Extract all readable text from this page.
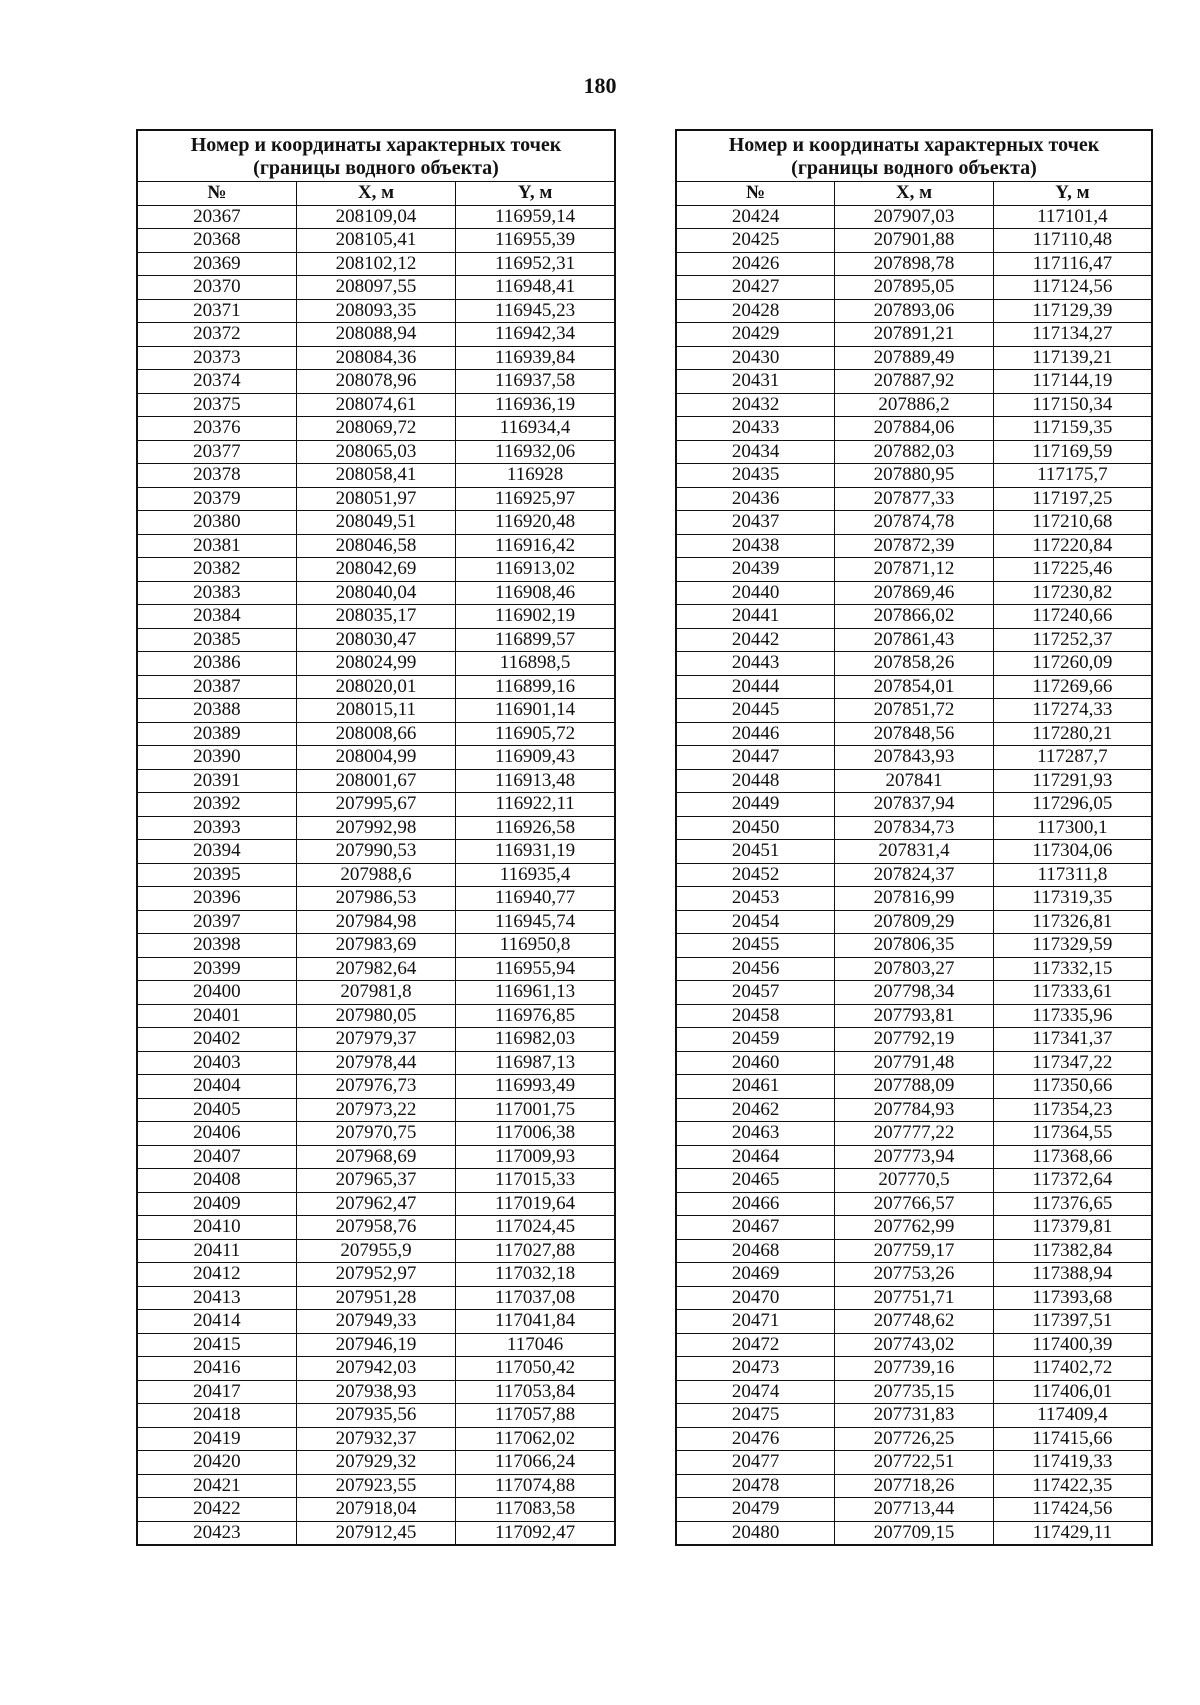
180
Номер и координаты характерных точек
(границы водного объекта)		

№	X, м	Y, м
20367	208109,04	116959,14
20368	208105,41	116955,39
20369	208102,12	116952,31
20370	208097,55	116948,41
20371	208093,35	116945,23
20372	208088,94	116942,34
20373	208084,36	116939,84
20374	208078,96	116937,58
20375	208074,61	116936,19
20376	208069,72	116934,4
20377	208065,03	116932,06
20378	208058,41	116928
20379	208051,97	116925,97
20380	208049,51	116920,48
20381	208046,58	116916,42
20382	208042,69	116913,02
20383	208040,04	116908,46
20384	208035,17	116902,19
20385	208030,47	116899,57
20386	208024,99	116898,5
20387	208020,01	116899,16
20388	208015,11	116901,14
20389	208008,66	116905,72
20390	208004,99	116909,43
20391	208001,67	116913,48
20392	207995,67	116922,11
20393	207992,98	116926,58
20394	207990,53	116931,19
20395	207988,6	116935,4
20396	207986,53	116940,77
20397	207984,98	116945,74
20398	207983,69	116950,8
20399	207982,64	116955,94
20400	207981,8	116961,13
20401	207980,05	116976,85
20402	207979,37	116982,03
20403	207978,44	116987,13
20404	207976,73	116993,49
20405	207973,22	117001,75
20406	207970,75	117006,38
20407	207968,69	117009,93
20408	207965,37	117015,33
20409	207962,47	117019,64
20410	207958,76	117024,45
20411	207955,9	117027,88
20412	207952,97	117032,18
20413	207951,28	117037,08
20414	207949,33	117041,84
20415	207946,19	117046
20416	207942,03	117050,42
20417	207938,93	117053,84
20418	207935,56	117057,88
20419	207932,37	117062,02
20420	207929,32	117066,24
20421	207923,55	117074,88
20422	207918,04	117083,58
20423	207912,45	117092,47
Номер и координаты характерных точек
(границы водного объекта)		

№	X, м	Y, м
20424	207907,03	117101,4
20425	207901,88	117110,48
20426	207898,78	117116,47
20427	207895,05	117124,56
20428	207893,06	117129,39
20429	207891,21	117134,27
20430	207889,49	117139,21
20431	207887,92	117144,19
20432	207886,2	117150,34
20433	207884,06	117159,35
20434	207882,03	117169,59
20435	207880,95	117175,7
20436	207877,33	117197,25
20437	207874,78	117210,68
20438	207872,39	117220,84
20439	207871,12	117225,46
20440	207869,46	117230,82
20441	207866,02	117240,66
20442	207861,43	117252,37
20443	207858,26	117260,09
20444	207854,01	117269,66
20445	207851,72	117274,33
20446	207848,56	117280,21
20447	207843,93	117287,7
20448	207841	117291,93
20449	207837,94	117296,05
20450	207834,73	117300,1
20451	207831,4	117304,06
20452	207824,37	117311,8
20453	207816,99	117319,35
20454	207809,29	117326,81
20455	207806,35	117329,59
20456	207803,27	117332,15
20457	207798,34	117333,61
20458	207793,81	117335,96
20459	207792,19	117341,37
20460	207791,48	117347,22
20461	207788,09	117350,66
20462	207784,93	117354,23
20463	207777,22	117364,55
20464	207773,94	117368,66
20465	207770,5	117372,64
20466	207766,57	117376,65
20467	207762,99	117379,81
20468	207759,17	117382,84
20469	207753,26	117388,94
20470	207751,71	117393,68
20471	207748,62	117397,51
20472	207743,02	117400,39
20473	207739,16	117402,72
20474	207735,15	117406,01
20475	207731,83	117409,4
20476	207726,25	117415,66
20477	207722,51	117419,33
20478	207718,26	117422,35
20479	207713,44	117424,56
20480	207709,15	117429,11
